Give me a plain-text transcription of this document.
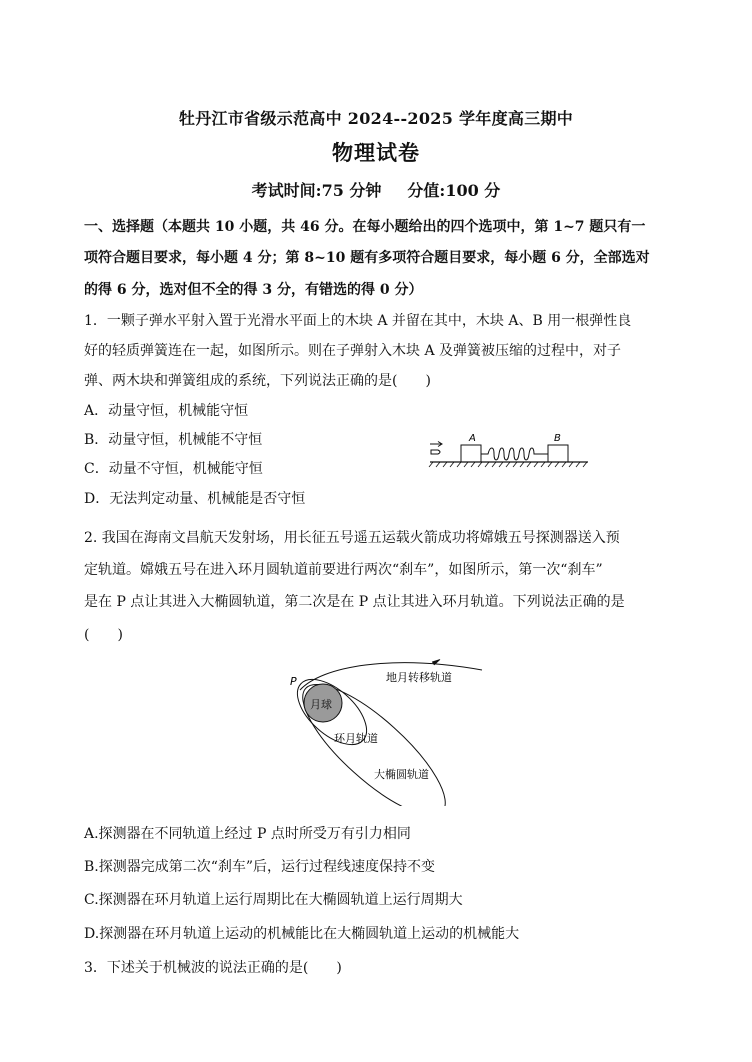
牡丹江市省级示范高中 2024--2025 学年度高三期中
物理试卷
考试时间:75 分钟 分值:100 分
一、选择题（本题共 10 小题，共 46 分。在每小题给出的四个选项中，第 1~7 题只有一
项符合题目要求，每小题 4 分；第 8~10 题有多项符合题目要求，每小题 6 分，全部选对
的得 6 分，选对但不全的得 3 分，有错选的得 0 分）
1．一颗子弹水平射入置于光滑水平面上的木块 A 并留在其中，木块 A、B 用一根弹性良
好的轻质弹簧连在一起，如图所示。则在子弹射入木块 A 及弹簧被压缩的过程中，对子
弹、两木块和弹簧组成的系统，下列说法正确的是(　　)
A．动量守恒，机械能守恒
B．动量守恒，机械能不守恒
C．动量不守恒，机械能守恒
D．无法判定动量、机械能是否守恒
A	B
2. 我国在海南文昌航天发射场，用长征五号遥五运载火箭成功将嫦娥五号探测器送入预
定轨道。嫦娥五号在进入环月圆轨道前要进行两次“刹车”，如图所示，第一次“刹车”
是在 P 点让其进入大椭圆轨道，第二次是在 P 点让其进入环月轨道。下列说法正确的是
(　　)
月球
P	地月转移轨道
环月轨道
大椭圆轨道
A.探测器在不同轨道上经过 P 点时所受万有引力相同
B.探测器完成第二次“刹车”后，运行过程线速度保持不变
C.探测器在环月轨道上运行周期比在大椭圆轨道上运行周期大
D.探测器在环月轨道上运动的机械能比在大椭圆轨道上运动的机械能大
3．下述关于机械波的说法正确的是(　　)
